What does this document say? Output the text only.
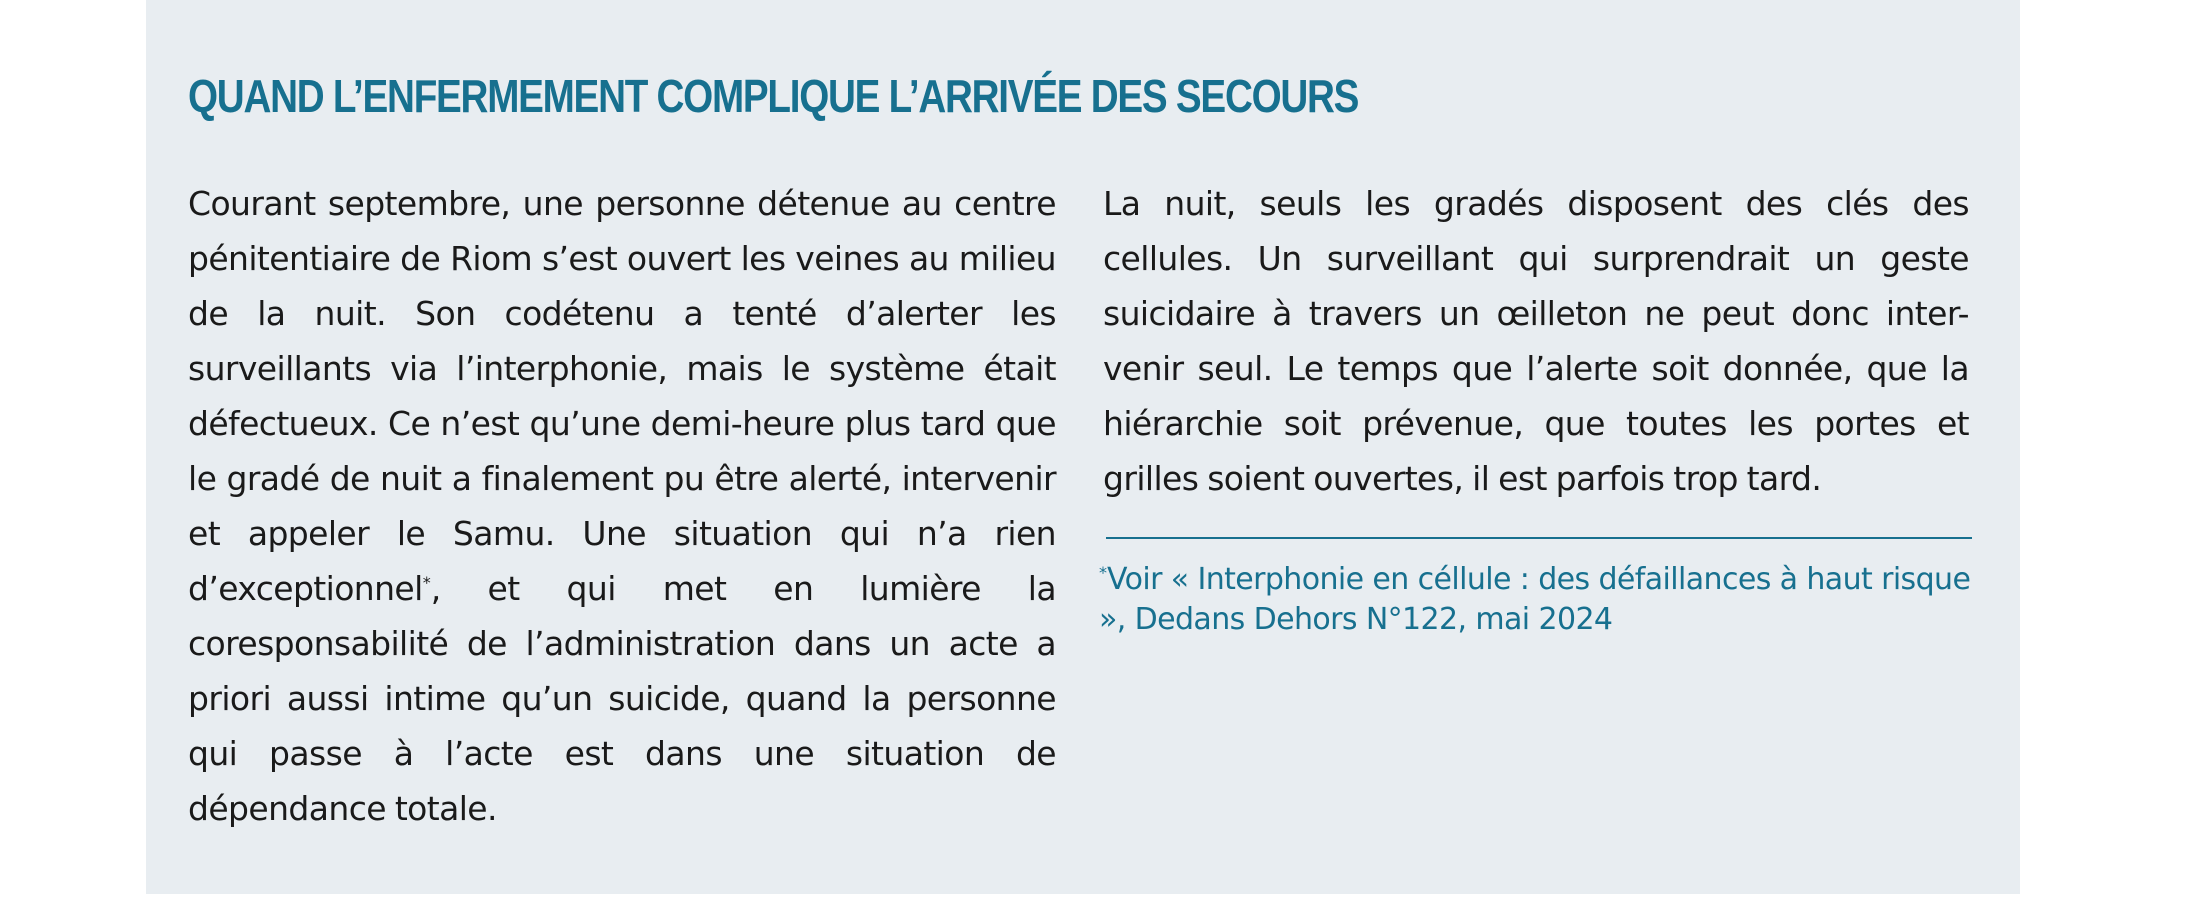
QUAND L’ENFERMEMENT COMPLIQUE L’ARRIVÉE DES SECOURS

Courant septembre, une personne détenue au centre pénitentiaire de Riom s’est ouvert les veines au milieu de la nuit. Son codétenu a tenté d’alerter les surveillants via l’interphonie, mais le système était défectueux. Ce n’est qu’une demi-heure plus tard que le gradé de nuit a finalement pu être alerté, intervenir et appeler le Samu. Une situation qui n’a rien d’exceptionnel*, et qui met en lumière la coresponsabilité de l’administration dans un acte a priori aussi intime qu’un suicide, quand la personne qui passe à l’acte est dans une situation de dépendance totale.

La nuit, seuls les gradés disposent des clés des cellules. Un surveillant qui surprendrait un geste suicidaire à travers un œilleton ne peut donc inter-venir seul. Le temps que l’alerte soit donnée, que la hiérarchie soit prévenue, que toutes les portes et grilles soient ouvertes, il est parfois trop tard.

*Voir « Interphonie en céllule : des défaillances à haut risque », Dedans Dehors N°122, mai 2024
